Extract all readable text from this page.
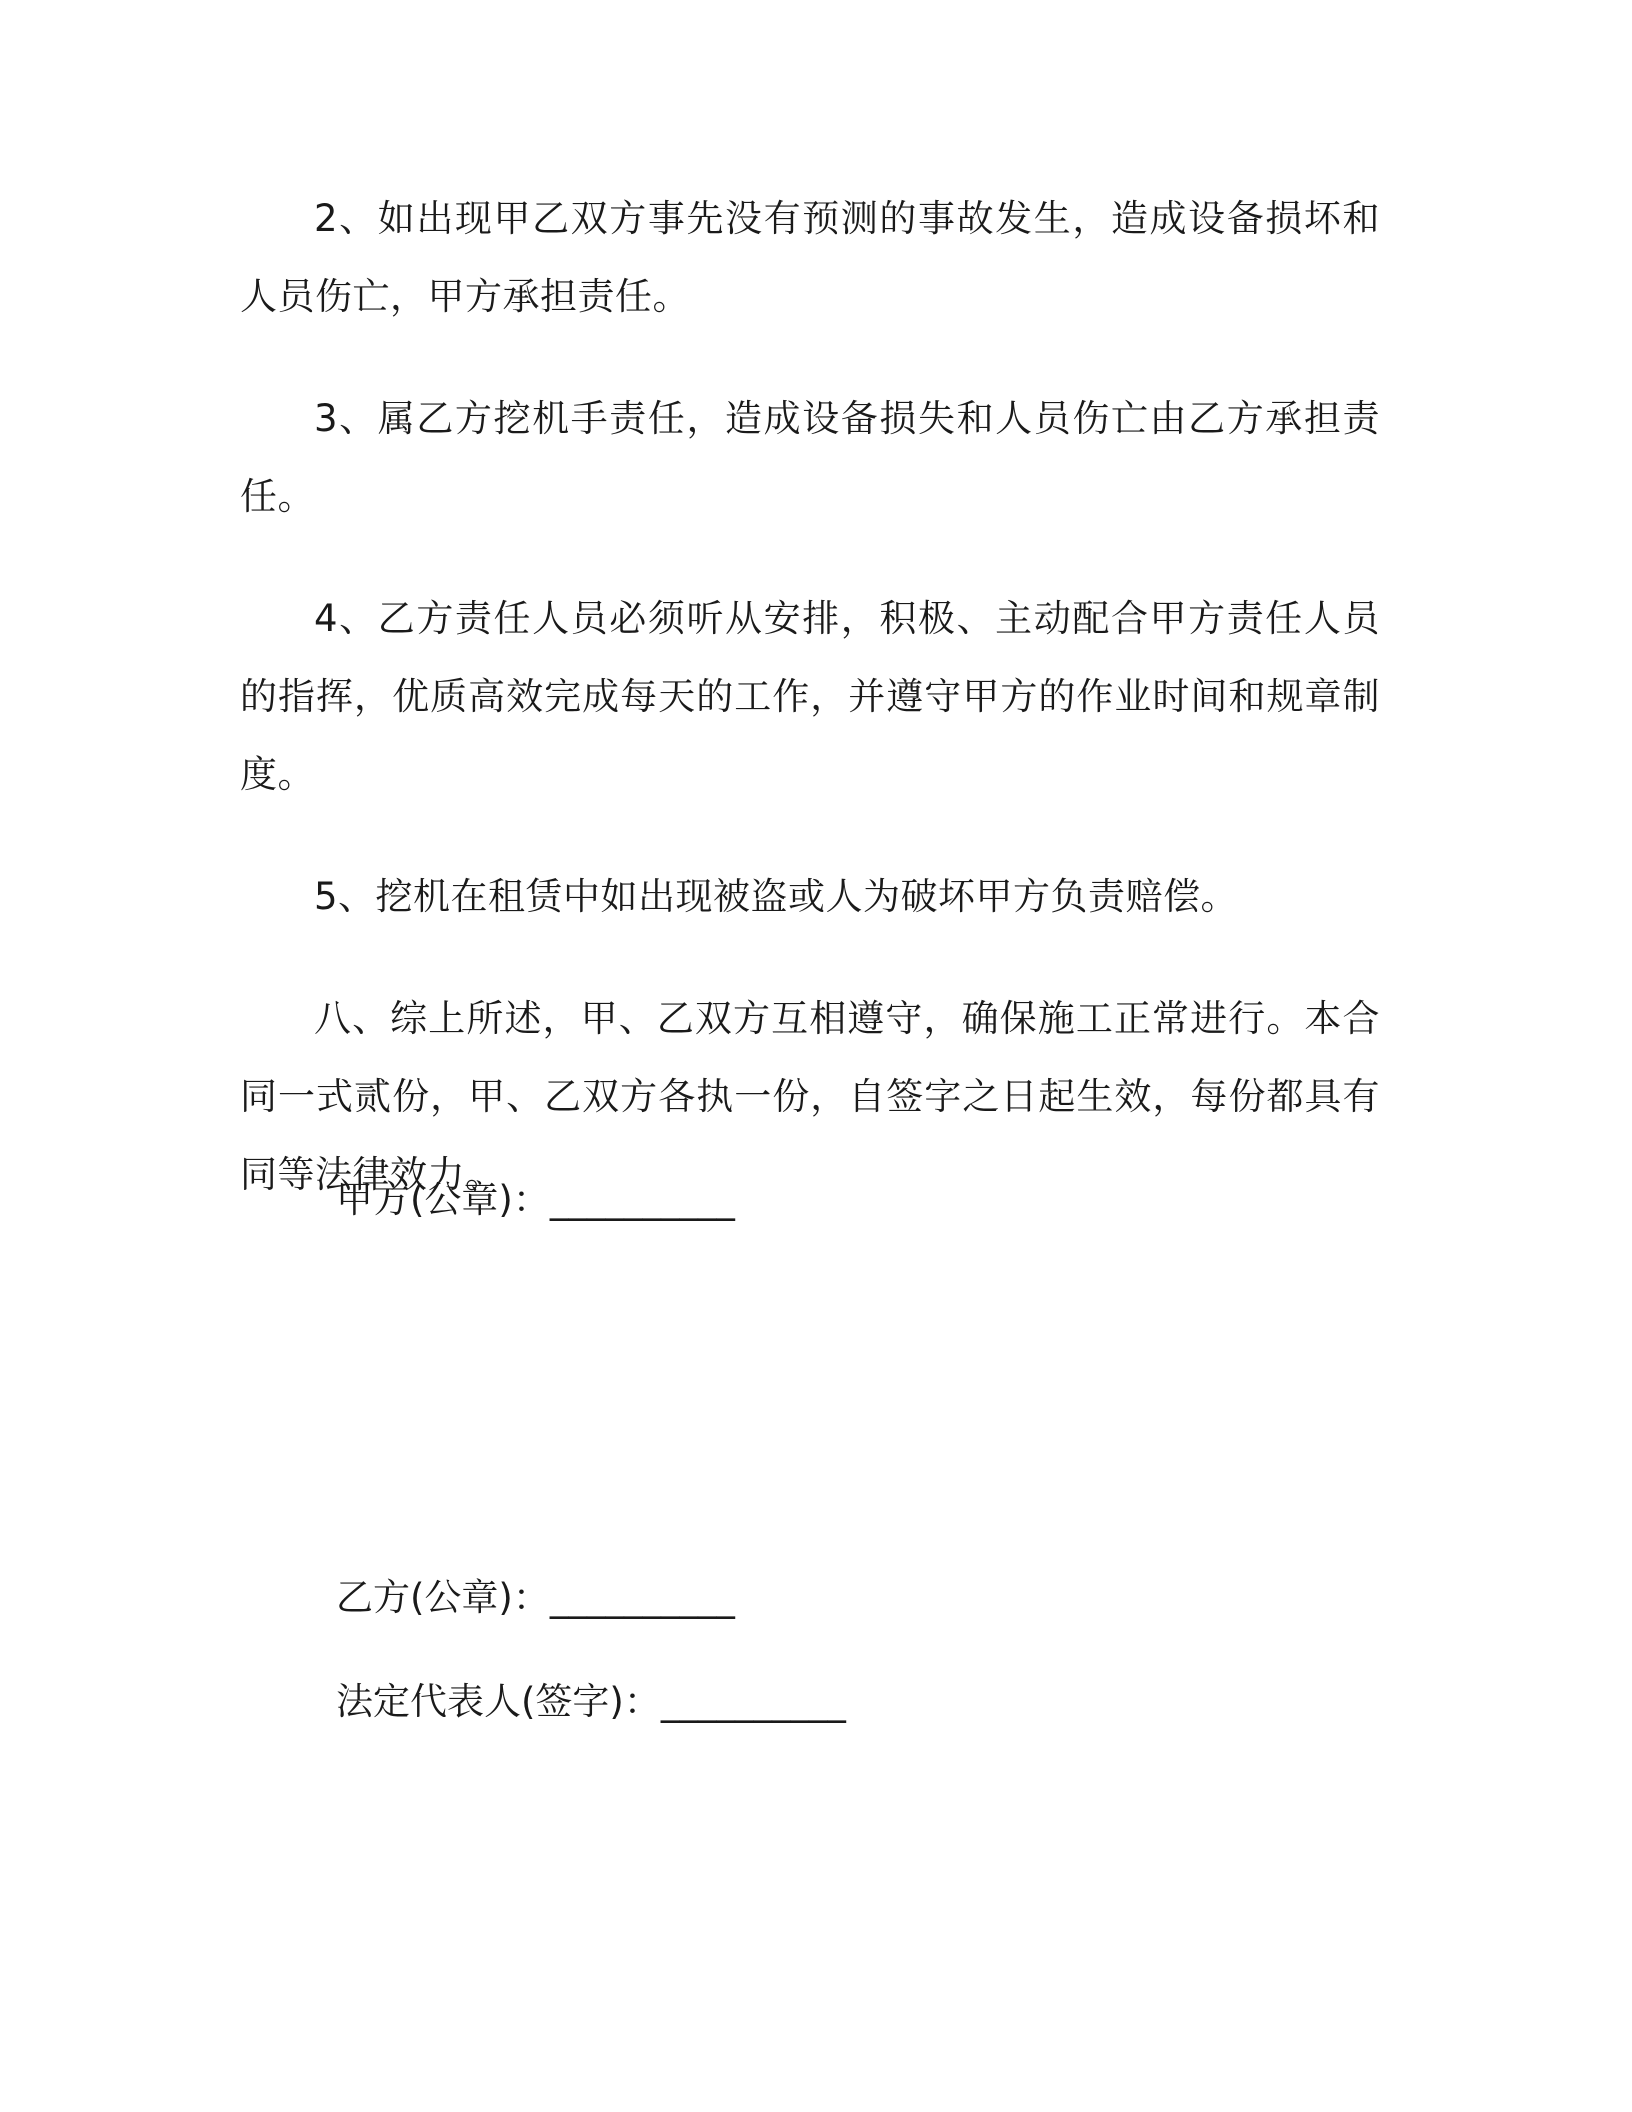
2、如出现甲乙双方事先没有预测的事故发生，造成设备损坏和人员伤亡，甲方承担责任。

3、属乙方挖机手责任，造成设备损失和人员伤亡由乙方承担责任。

4、乙方责任人员必须听从安排，积极、主动配合甲方责任人员的指挥，优质高效完成每天的工作，并遵守甲方的作业时间和规章制度。

5、挖机在租赁中如出现被盗或人为破坏甲方负责赔偿。

八、综上所述，甲、乙双方互相遵守，确保施工正常进行。本合同一式贰份，甲、乙双方各执一份，自签字之日起生效，每份都具有同等法律效力。

甲方(公章)：__________

乙方(公章)：__________

法定代表人(签字)：__________
